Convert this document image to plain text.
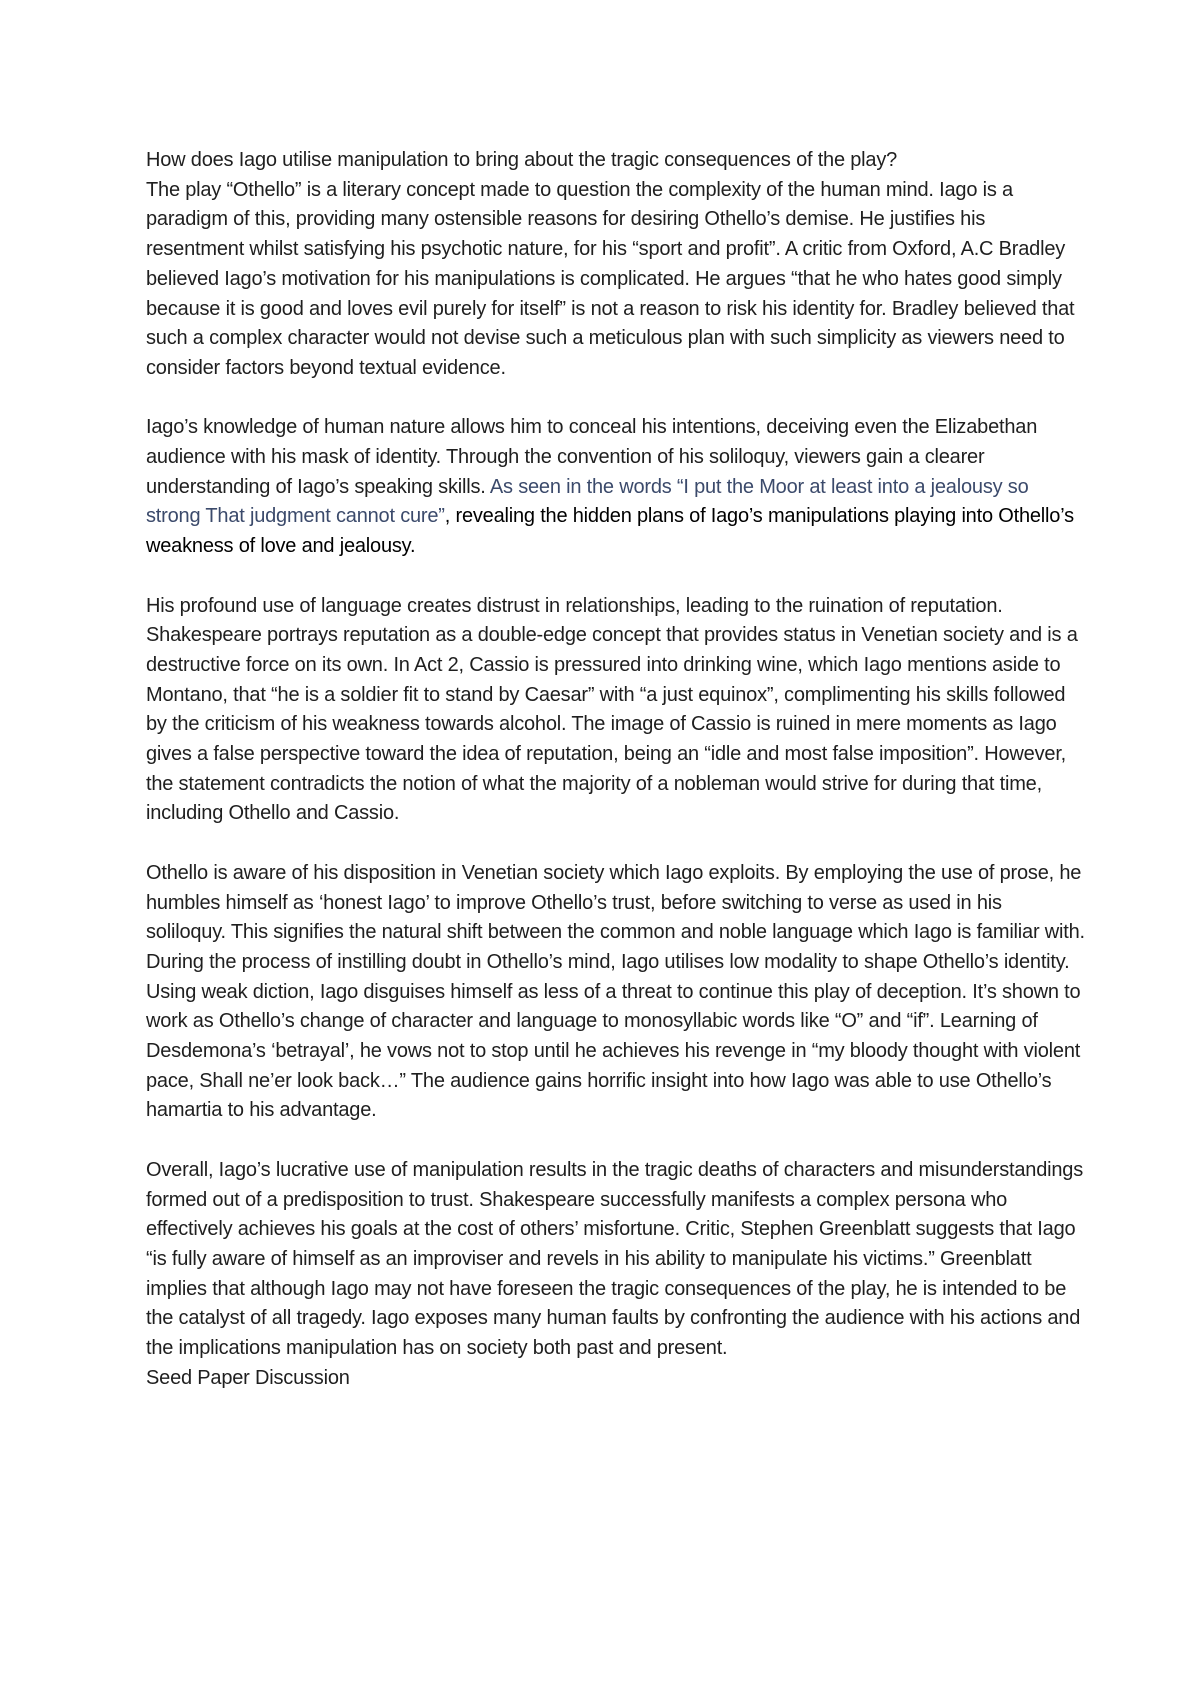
How does Iago utilise manipulation to bring about the tragic consequences of the play?

The play “Othello” is a literary concept made to question the complexity of the human mind. Iago is a paradigm of this, providing many ostensible reasons for desiring Othello’s demise. He justifies his resentment whilst satisfying his psychotic nature, for his “sport and profit”. A critic from Oxford, A.C Bradley believed Iago’s motivation for his manipulations is complicated. He argues “that he who hates good simply because it is good and loves evil purely for itself” is not a reason to risk his identity for. Bradley believed that such a complex character would not devise such a meticulous plan with such simplicity as viewers need to consider factors beyond textual evidence.

Iago’s knowledge of human nature allows him to conceal his intentions, deceiving even the Elizabethan audience with his mask of identity. Through the convention of his soliloquy, viewers gain a clearer understanding of Iago’s speaking skills. As seen in the words “I put the Moor at least into a jealousy so strong That judgment cannot cure”, revealing the hidden plans of Iago’s manipulations playing into Othello’s weakness of love and jealousy.

His profound use of language creates distrust in relationships, leading to the ruination of reputation. Shakespeare portrays reputation as a double-edge concept that provides status in Venetian society and is a destructive force on its own. In Act 2, Cassio is pressured into drinking wine, which Iago mentions aside to Montano, that “he is a soldier fit to stand by Caesar” with “a just equinox”, complimenting his skills followed by the criticism of his weakness towards alcohol. The image of Cassio is ruined in mere moments as Iago gives a false perspective toward the idea of reputation, being an “idle and most false imposition”. However, the statement contradicts the notion of what the majority of a nobleman would strive for during that time, including Othello and Cassio.

Othello is aware of his disposition in Venetian society which Iago exploits. By employing the use of prose, he humbles himself as ‘honest Iago’ to improve Othello’s trust, before switching to verse as used in his soliloquy. This signifies the natural shift between the common and noble language which Iago is familiar with.

During the process of instilling doubt in Othello’s mind, Iago utilises low modality to shape Othello’s identity. Using weak diction, Iago disguises himself as less of a threat to continue this play of deception. It’s shown to work as Othello’s change of character and language to monosyllabic words like “O” and “if”. Learning of Desdemona’s ‘betrayal’, he vows not to stop until he achieves his revenge in “my bloody thought with violent pace, Shall ne’er look back…” The audience gains horrific insight into how Iago was able to use Othello’s hamartia to his advantage.

Overall, Iago’s lucrative use of manipulation results in the tragic deaths of characters and misunderstandings formed out of a predisposition to trust. Shakespeare successfully manifests a complex persona who effectively achieves his goals at the cost of others’ misfortune. Critic, Stephen Greenblatt suggests that Iago “is fully aware of himself as an improviser and revels in his ability to manipulate his victims.” Greenblatt implies that although Iago may not have foreseen the tragic consequences of the play, he is intended to be the catalyst of all tragedy. Iago exposes many human faults by confronting the audience with his actions and the implications manipulation has on society both past and present.

Seed Paper Discussion
